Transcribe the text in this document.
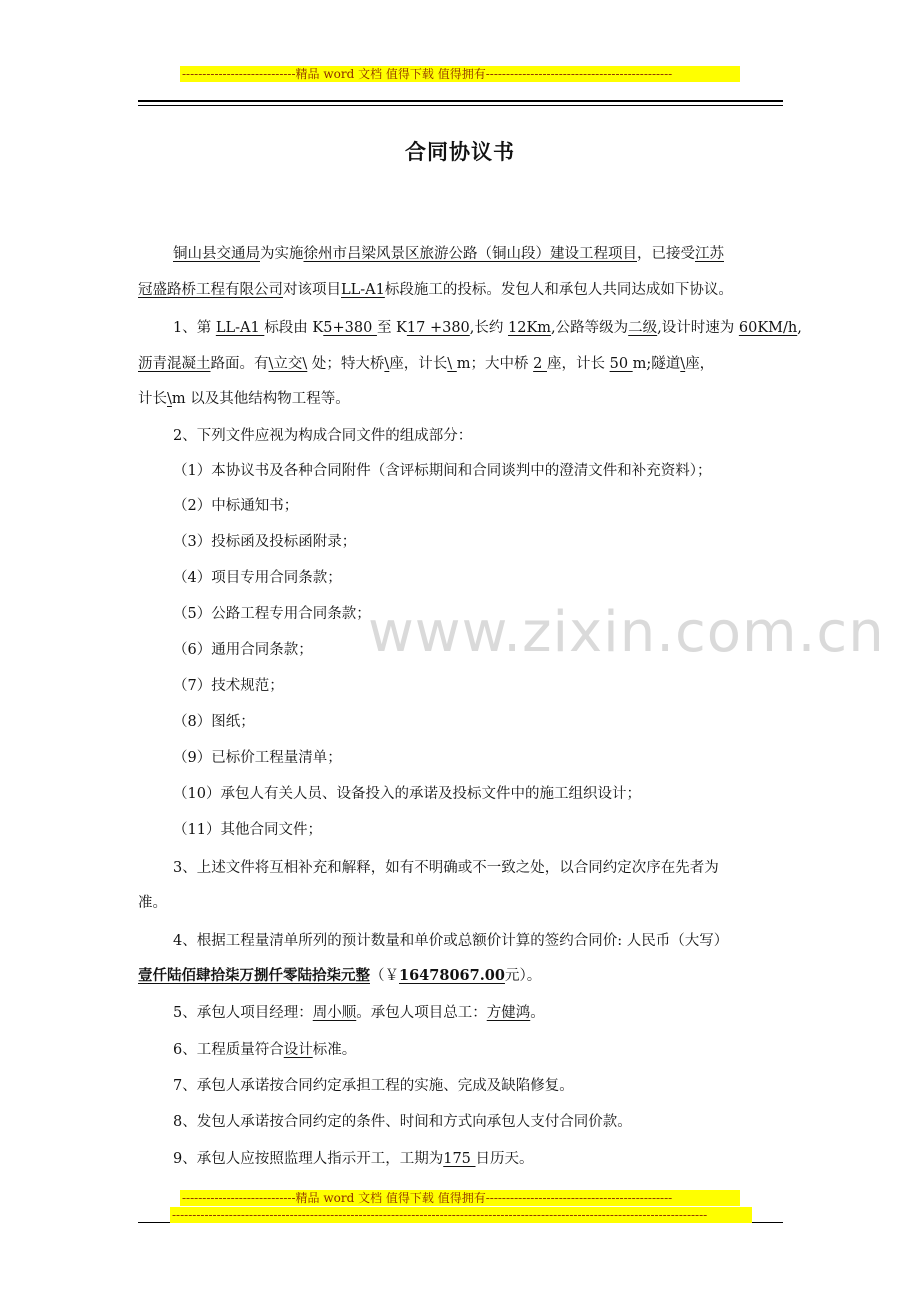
----------------------------精品 word 文档 值得下载 值得拥有----------------------------------------------
合同协议书
www.zixin.com.cn
铜山县交通局为实施徐州市吕梁风景区旅游公路（铜山段）建设工程项目，已接受江苏
冠盛路桥工程有限公司对该项目LL-A1标段施工的投标。发包人和承包人共同达成如下协议。
1、第 LL-A1 标段由 K5+380 至 K17 +380,长约 12Km,公路等级为二级,设计时速为 60KM/h,
沥青混凝土路面。有\立交\ 处；特大桥\座，计长\ m；大中桥 2 座，计长 50 m;隧道\座，
计长\m 以及其他结构物工程等。
2、下列文件应视为构成合同文件的组成部分：
（1）本协议书及各种合同附件（含评标期间和合同谈判中的澄清文件和补充资料）；
（2）中标通知书；
（3）投标函及投标函附录；
（4）项目专用合同条款；
（5）公路工程专用合同条款；
（6）通用合同条款；
（7）技术规范；
（8）图纸；
（9）已标价工程量清单；
（10）承包人有关人员、设备投入的承诺及投标文件中的施工组织设计；
（11）其他合同文件；
3、上述文件将互相补充和解释，如有不明确或不一致之处，以合同约定次序在先者为
准。
4、根据工程量清单所列的预计数量和单价或总额价计算的签约合同价: 人民币（大写）
壹仟陆佰肆拾柒万捌仟零陆拾柒元整（￥16478067.00元）。
5、承包人项目经理：周小顺。承包人项目总工：方健鸿。
6、工程质量符合设计标准。
7、承包人承诺按合同约定承担工程的实施、完成及缺陷修复。
8、发包人承诺按合同约定的条件、时间和方式向承包人支付合同价款。
9、承包人应按照监理人指示开工，工期为175 日历天。
----------------------------精品 word 文档 值得下载 值得拥有----------------------------------------------
------------------------------------------------------------------------------------------------------------------------------------
